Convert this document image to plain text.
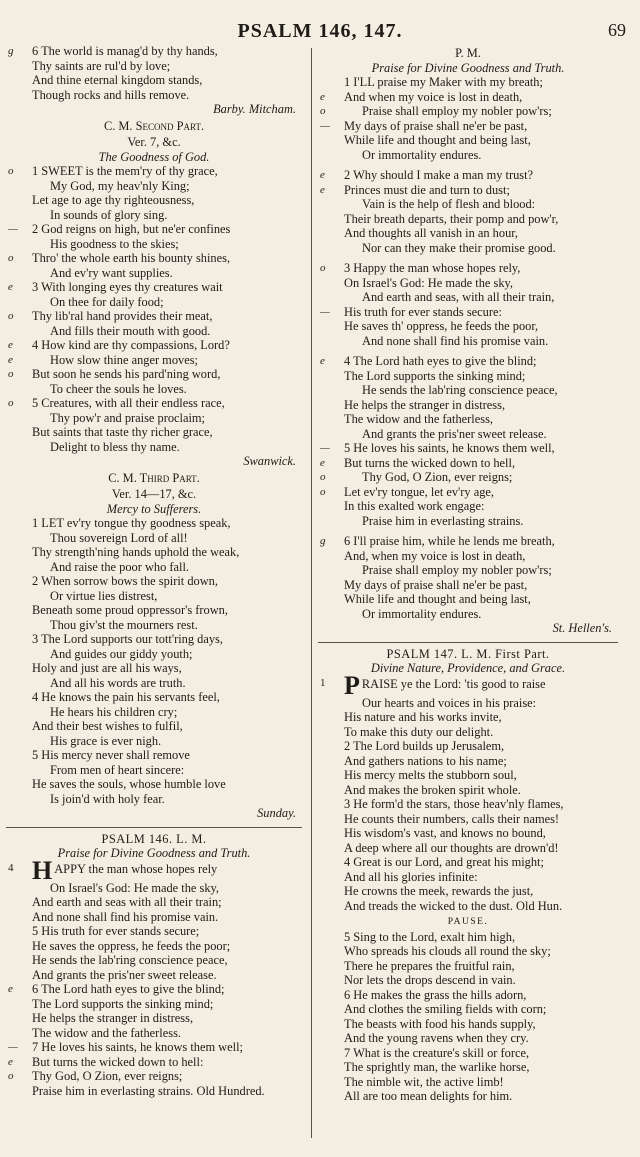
PSALM 146, 147.	69
g	6 The world is manag'd by thy hands,
Thy saints are rul'd by love;
And thine eternal kingdom stands,
Though rocks and hills remove.
Barby. Mitcham.
C. M. Second Part.
Ver. 7, &c.
The Goodness of God.
o	1 SWEET is the mem'ry of thy grace,
My God, my heav'nly King;
Let age to age thy righteousness,
In sounds of glory sing.
— 2 God reigns on high, but ne'er confines
His goodness to the skies;
o	Thro' the whole earth his bounty shines,
And ev'ry want supplies.
e	3 With longing eyes thy creatures wait
On thee for daily food;
o	Thy lib'ral hand provides their meat,
And fills their mouth with good.
e	4 How kind are thy compassions, Lord?
e	How slow thine anger moves;
o	But soon he sends his pard'ning word,
To cheer the souls he loves.
o	5 Creatures, with all their endless race,
Thy pow'r and praise proclaim;
But saints that taste thy richer grace,
Delight to bless thy name.
Swanwick.
C. M. Third Part.
Ver. 14—17, &c.
Mercy to Sufferers.
1 LET ev'ry tongue thy goodness speak,
Thou sovereign Lord of all!
Thy strength'ning hands uphold the weak,
And raise the poor who fall.
2 When sorrow bows the spirit down,
Or virtue lies distrest,
Beneath some proud oppressor's frown,
Thou giv'st the mourners rest.
3 The Lord supports our tott'ring days,
And guides our giddy youth;
Holy and just are all his ways,
And all his words are truth.
4 He knows the pain his servants feel,
He hears his children cry;
And their best wishes to fulfil,
His grace is ever nigh.
5 His mercy never shall remove
From men of heart sincere:
He saves the souls, whose humble love
Is join'd with holy fear.
Sunday.
PSALM 146. L. M.
Praise for Divine Goodness and Truth.
4 H APPY the man whose hopes rely
On Israel's God: He made the sky,
And earth and seas with all their train;
And none shall find his promise vain.
5 His truth for ever stands secure;
He saves the oppress, he feeds the poor;
He sends the lab'ring conscience peace,
And grants the pris'ner sweet release.
e	6 The Lord hath eyes to give the blind;
The Lord supports the sinking mind;
He helps the stranger in distress,
The widow and the fatherless.
— 7 He loves his saints, he knows them well;
e	But turns the wicked down to hell:
o	Thy God, O Zion, ever reigns;
Praise him in everlasting strains. Old Hundred.
P. M.
Praise for Divine Goodness and Truth.
1 I'LL praise my Maker with my breath;
e	And when my voice is lost in death,
o	Praise shall employ my nobler pow'rs;
— My days of praise shall ne'er be past,
While life and thought and being last,
Or immortality endures.
e	2 Why should I make a man my trust?
e	Princes must die and turn to dust;
Vain is the help of flesh and blood:
Their breath departs, their pomp and pow'r,
And thoughts all vanish in an hour,
Nor can they make their promise good.
o	3 Happy the man whose hopes rely,
On Israel's God: He made the sky,
And earth and seas, with all their train,
— His truth for ever stands secure:
He saves th' oppress, he feeds the poor,
And none shall find his promise vain.
e	4 The Lord hath eyes to give the blind;
The Lord supports the sinking mind;
He sends the lab'ring conscience peace,
He helps the stranger in distress,
The widow and the fatherless,
And grants the pris'ner sweet release.
— 5 He loves his saints, he knows them well,
e	But turns the wicked down to hell,
o	Thy God, O Zion, ever reigns;
o	Let ev'ry tongue, let ev'ry age,
In this exalted work engage:
Praise him in everlasting strains.
g	6 I'll praise him, while he lends me breath,
And, when my voice is lost in death,
Praise shall employ my nobler pow'rs;
My days of praise shall ne'er be past,
While life and thought and being last,
Or immortality endures.
St. Hellen's.
PSALM 147. L. M. First Part.
Divine Nature, Providence, and Grace.
1 P RAISE ye the Lord: 'tis good to raise
Our hearts and voices in his praise:
His nature and his works invite,
To make this duty our delight.
2 The Lord builds up Jerusalem,
And gathers nations to his name;
His mercy melts the stubborn soul,
And makes the broken spirit whole.
3 He form'd the stars, those heav'nly flames,
He counts their numbers, calls their names!
His wisdom's vast, and knows no bound,
A deep where all our thoughts are drown'd!
4 Great is our Lord, and great his might;
And all his glories infinite:
He crowns the meek, rewards the just,
And treads the wicked to the dust. Old Hun.
PAUSE.
5 Sing to the Lord, exalt him high,
Who spreads his clouds all round the sky;
There he prepares the fruitful rain,
Nor lets the drops descend in vain.
6 He makes the grass the hills adorn,
And clothes the smiling fields with corn;
The beasts with food his hands supply,
And the young ravens when they cry.
7 What is the creature's skill or force,
The sprightly man, the warlike horse,
The nimble wit, the active limb!
All are too mean delights for him.
